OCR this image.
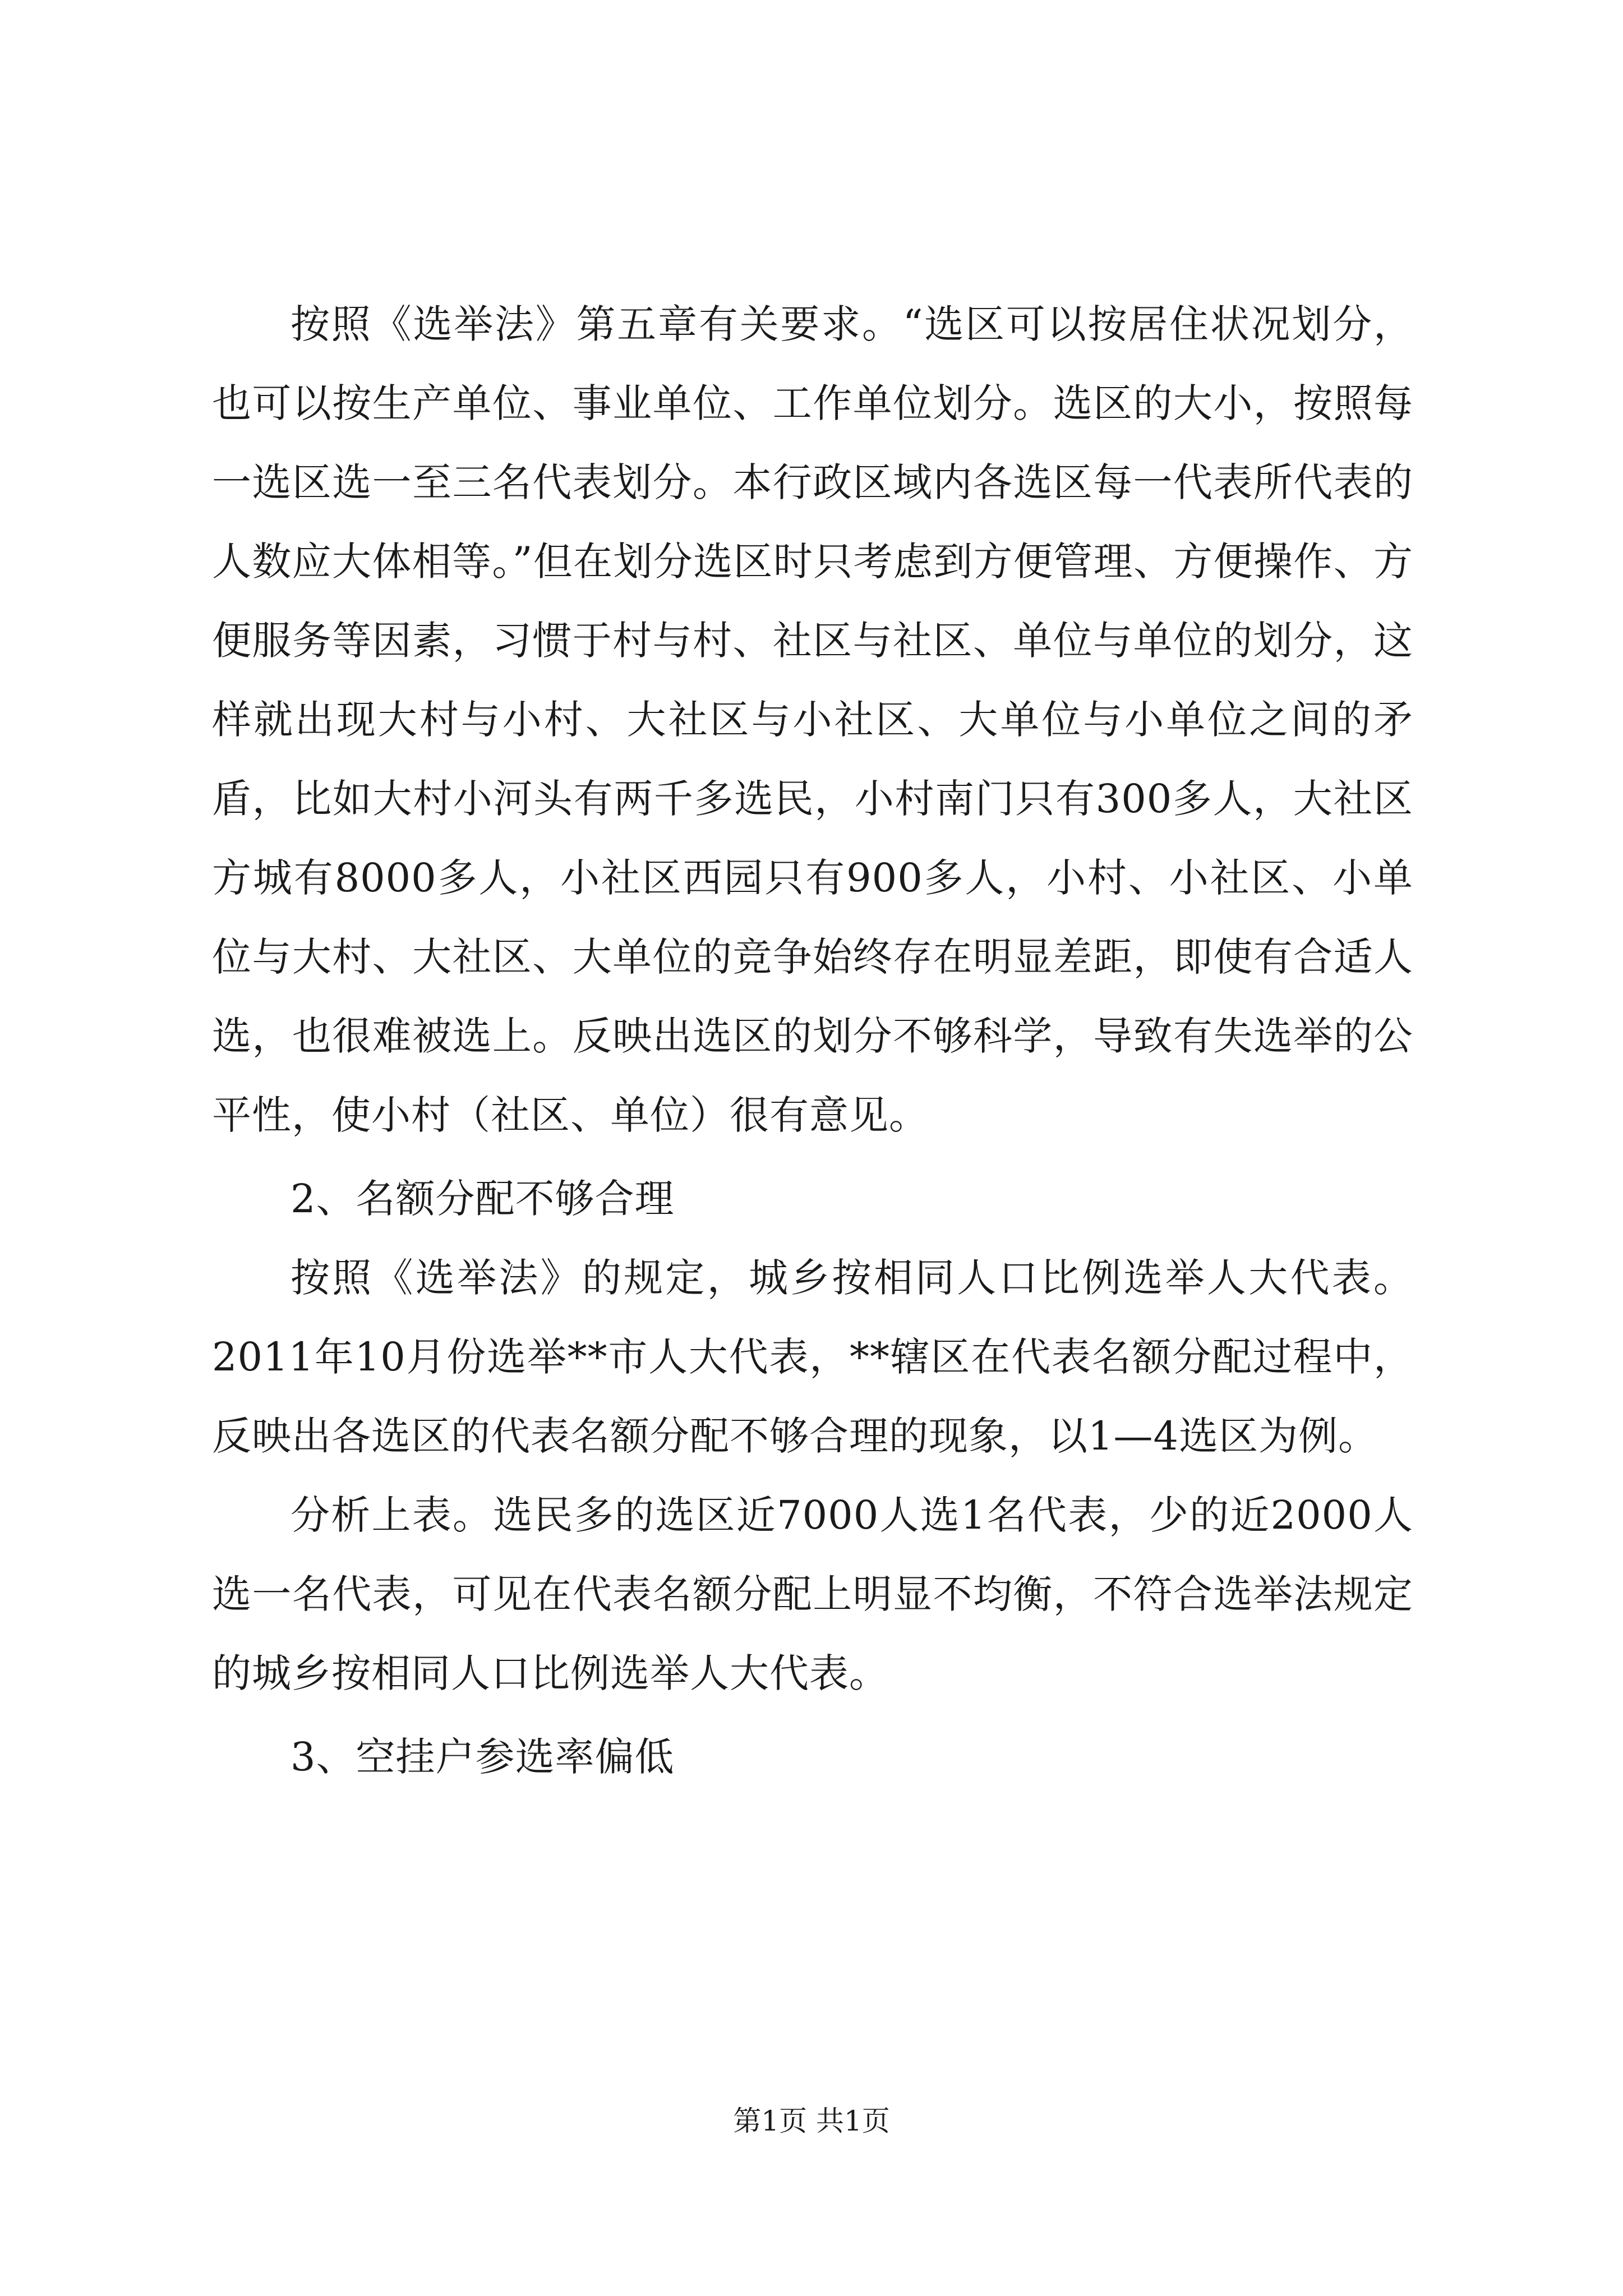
按照《选举法》第五章有关要求。“选区可以按居住状况划分，也可以按生产单位、事业单位、工作单位划分。选区的大小，按照每一选区选一至三名代表划分。本行政区域内各选区每一代表所代表的人数应大体相等。”但在划分选区时只考虑到方便管理、方便操作、方便服务等因素，习惯于村与村、社区与社区、单位与单位的划分，这样就出现大村与小村、大社区与小社区、大单位与小单位之间的矛盾，比如大村小河头有两千多选民，小村南门只有300多人，大社区方城有8000多人，小社区西园只有900多人，小村、小社区、小单位与大村、大社区、大单位的竞争始终存在明显差距，即使有合适人选，也很难被选上。反映出选区的划分不够科学，导致有失选举的公平性，使小村（社区、单位）很有意见。

2、名额分配不够合理

按照《选举法》的规定，城乡按相同人口比例选举人大代表。2011年10月份选举**市人大代表，**辖区在代表名额分配过程中，反映出各选区的代表名额分配不够合理的现象，以1—4选区为例。

分析上表。选民多的选区近7000人选1名代表，少的近2000人选一名代表，可见在代表名额分配上明显不均衡，不符合选举法规定的城乡按相同人口比例选举人大代表。

3、空挂户参选率偏低

第1页 共1页
